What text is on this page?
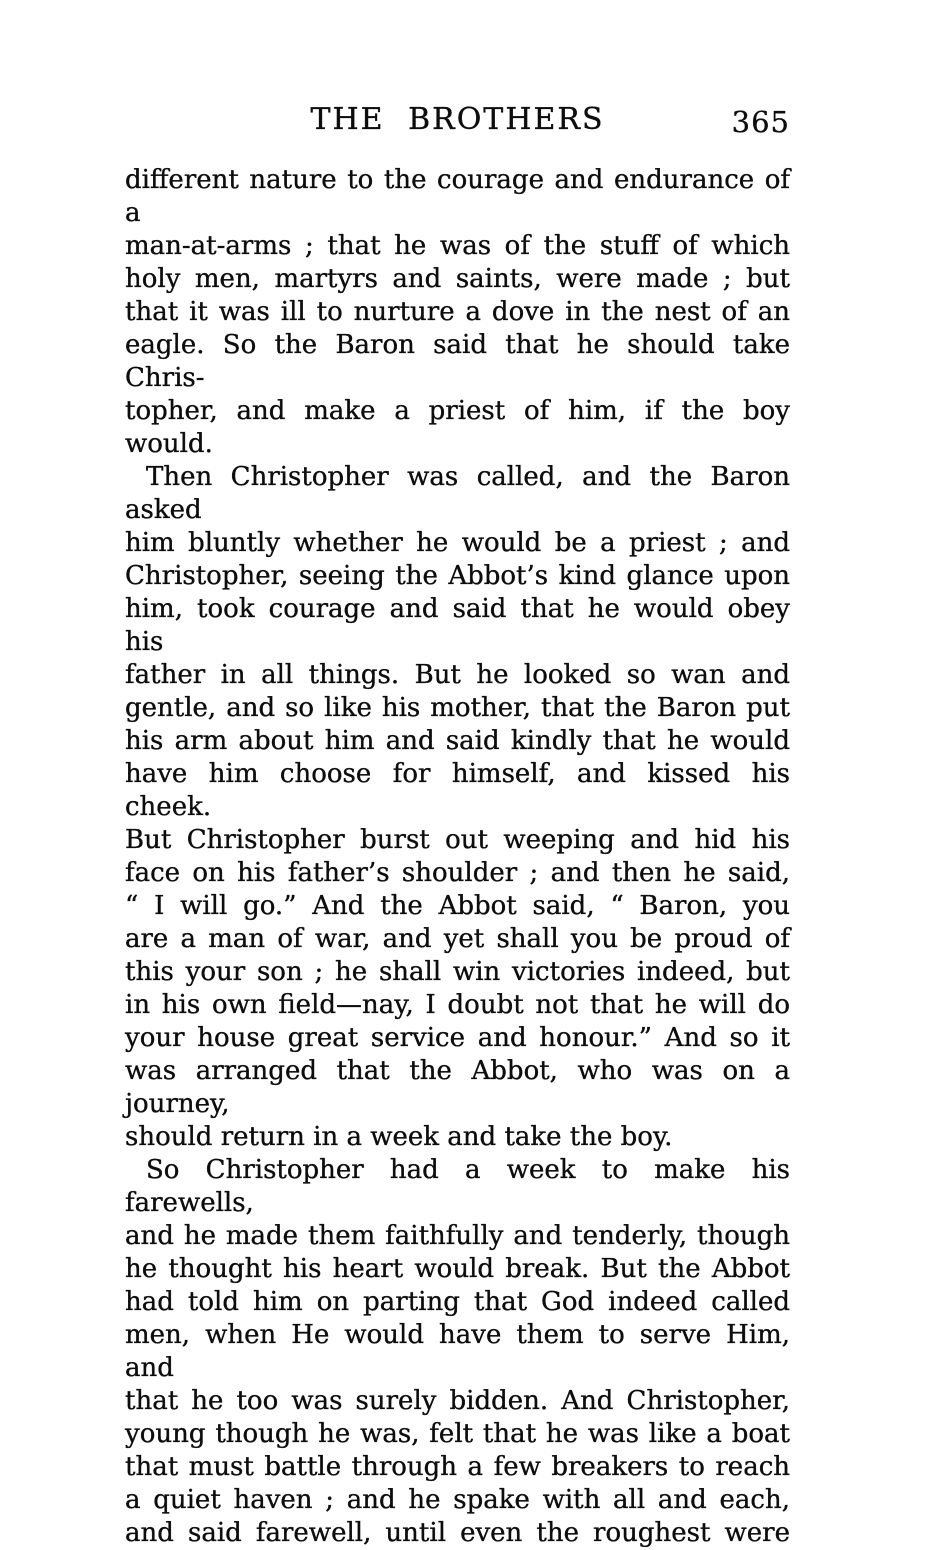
THE BROTHERS	365
different nature to the courage and endurance of a
man-at-arms ; that he was of the stuff of which
holy men, martyrs and saints, were made ; but
that it was ill to nurture a dove in the nest of an
eagle. So the Baron said that he should take Chris-
topher, and make a priest of him, if the boy would.
Then Christopher was called, and the Baron asked
him bluntly whether he would be a priest ; and
Christopher, seeing the Abbot’s kind glance upon
him, took courage and said that he would obey his
father in all things. But he looked so wan and
gentle, and so like his mother, that the Baron put
his arm about him and said kindly that he would
have him choose for himself, and kissed his cheek.
But Christopher burst out weeping and hid his
face on his father’s shoulder ; and then he said,
“ I will go.” And the Abbot said, “ Baron, you
are a man of war, and yet shall you be proud of
this your son ; he shall win victories indeed, but
in his own field—nay, I doubt not that he will do
your house great service and honour.” And so it
was arranged that the Abbot, who was on a journey,
should return in a week and take the boy.
So Christopher had a week to make his farewells,
and he made them faithfully and tenderly, though
he thought his heart would break. But the Abbot
had told him on parting that God indeed called
men, when He would have them to serve Him, and
that he too was surely bidden. And Christopher,
young though he was, felt that he was like a boat
that must battle through a few breakers to reach
a quiet haven ; and he spake with all and each,
and said farewell, until even the roughest were
